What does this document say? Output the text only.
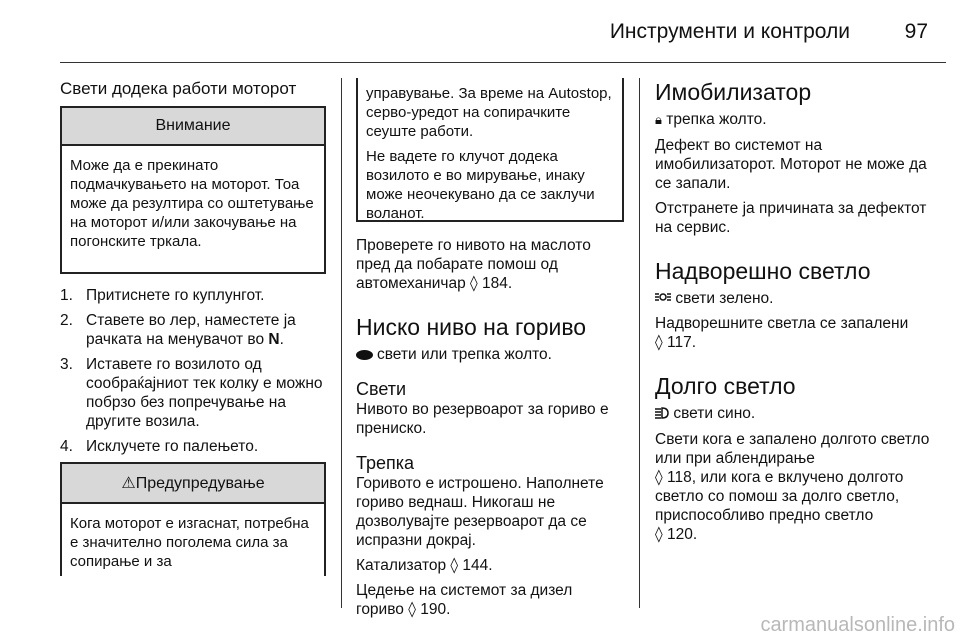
Инструменти и контроли	97
Свети додека работи моторот
Внимание

Може да е прекинато подмачкувањето на моторот. Тоа може да резултира со оштетување на моторот и/или закочување на погонските тркала.

1. Притиснете го куплунгот.
2. Ставете во лер, наместете ја рачката на менувачот во N.
3. Иставете го возилото од сообраќајниот тек колку е можно побрзо без попречување на другите возила.
4. Исклучете го палењето.
⚠Предупредување

Кога моторот е изгаснат, потребна е значително поголема сила за сопирање и за

управување. За време на Autostop, серво-уредот на сопирачките сеуште работи.

Не вадете го клучот додека возилото е во мирување, инаку може неочекувано да се заклучи воланот.

Проверете го нивото на маслото пред да побарате помош од автомеханичар ◊ 184.

Ниско ниво на гориво

свети или трепка жолто.

Свети

Нивото во резервоарот за гориво е прениско.

Трепка

Горивото е истрошено. Наполнете гориво веднаш. Никогаш не дозволувајте резервоарот да се испразни докрај.

Катализатор ◊ 144.

Цедење на системот за дизел гориво ◊ 190.

Имобилизатор

🔒︎ трепка жолто.

Дефект во системот на имобилизаторот. Моторот не може да се запали.

Отстранете ја причината за дефектот на сервис.

Надворешно светло

свети зелено.

Надворешните светла се запалени
◊ 117.

Долго светло

свети сино.

Свети кога е запалено долгото светло или при аблендирање
◊ 118, или кога е вклучено долгото светло со помош за долго светло, приспособливо предно светло
◊ 120.

carmanualsonline.info
